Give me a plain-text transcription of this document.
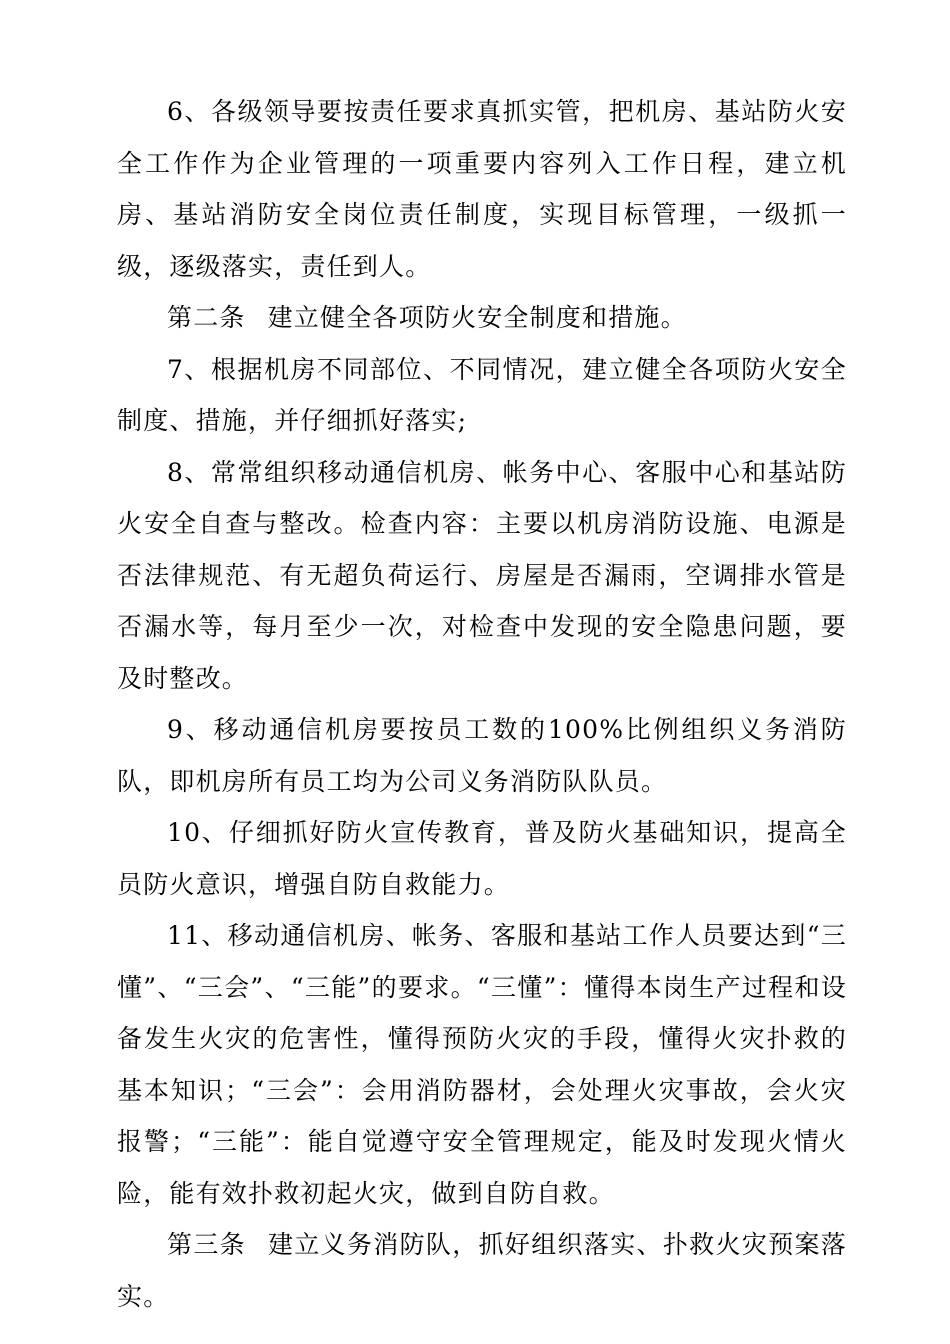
6、各级领导要按责任要求真抓实管，把机房、基站防火安全工作作为企业管理的一项重要内容列入工作日程，建立机房、基站消防安全岗位责任制度，实现目标管理，一级抓一级，逐级落实，责任到人。

第二条 建立健全各项防火安全制度和措施。

7、根据机房不同部位、不同情况，建立健全各项防火安全制度、措施，并仔细抓好落实;

8、常常组织移动通信机房、帐务中心、客服中心和基站防火安全自查与整改。检查内容：主要以机房消防设施、电源是否法律规范、有无超负荷运行、房屋是否漏雨，空调排水管是否漏水等，每月至少一次，对检查中发现的安全隐患问题，要及时整改。

9、移动通信机房要按员工数的100%比例组织义务消防队，即机房所有员工均为公司义务消防队队员。

10、仔细抓好防火宣传教育，普及防火基础知识，提高全员防火意识，增强自防自救能力。

11、移动通信机房、帐务、客服和基站工作人员要达到“三懂”、“三会”、“三能”的要求。“三懂”：懂得本岗生产过程和设备发生火灾的危害性，懂得预防火灾的手段，懂得火灾扑救的基本知识；“三会”：会用消防器材，会处理火灾事故，会火灾报警；“三能”：能自觉遵守安全管理规定，能及时发现火情火险，能有效扑救初起火灾，做到自防自救。

第三条 建立义务消防队，抓好组织落实、扑救火灾预案落实。
